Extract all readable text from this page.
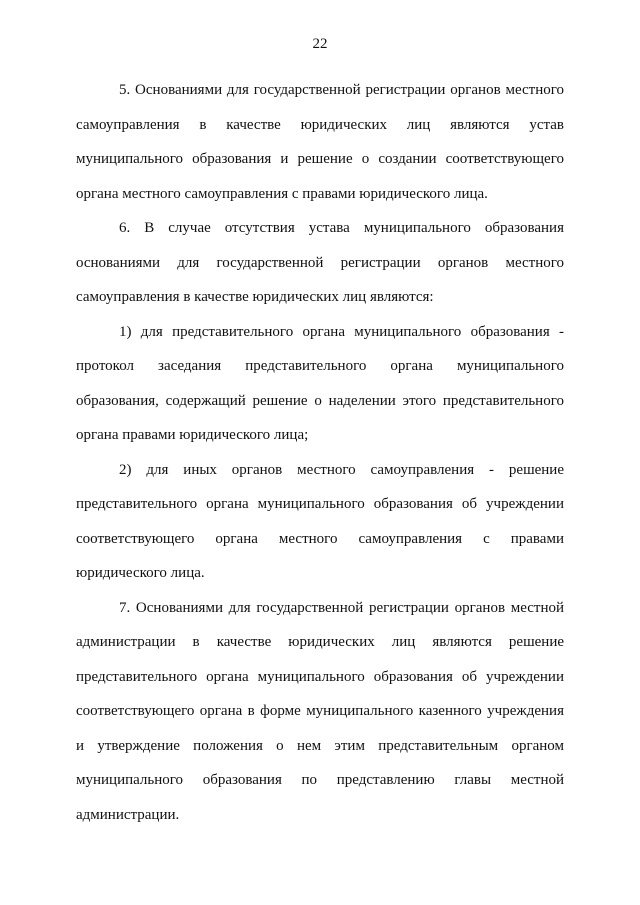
22

5. Основаниями для государственной регистрации органов местного самоуправления в качестве юридических лиц являются устав муниципального образования и решение о создании соответствующего органа местного самоуправления с правами юридического лица.

6. В случае отсутствия устава муниципального образования основаниями для государственной регистрации органов местного самоуправления в качестве юридических лиц являются:

1) для представительного органа муниципального образования - протокол заседания представительного органа муниципального образования, содержащий решение о наделении этого представительного органа правами юридического лица;

2) для иных органов местного самоуправления - решение представительного органа муниципального образования об учреждении соответствующего органа местного самоуправления с правами юридического лица.

7. Основаниями для государственной регистрации органов местной администрации в качестве юридических лиц являются решение представительного органа муниципального образования об учреждении соответствующего органа в форме муниципального казенного учреждения и утверждение положения о нем этим представительным органом муниципального образования по представлению главы местной администрации.
